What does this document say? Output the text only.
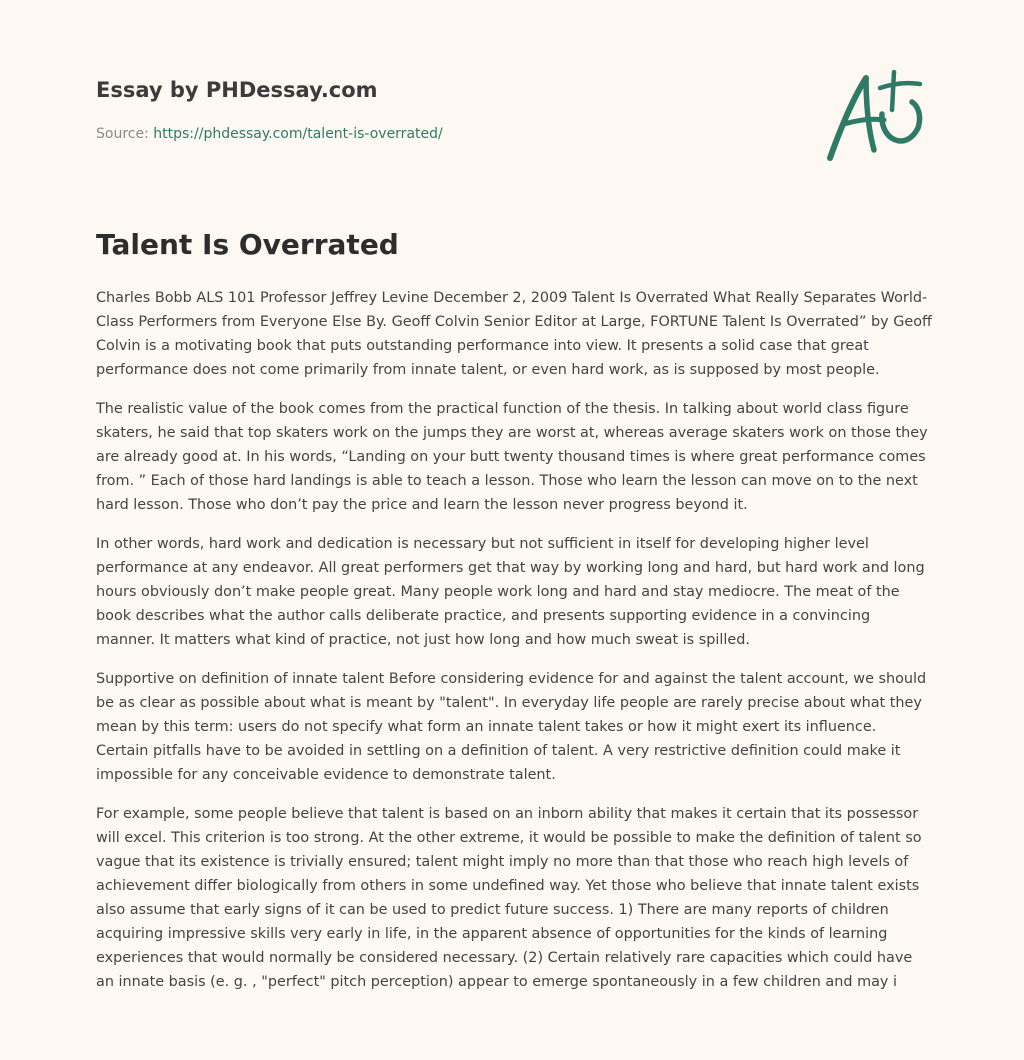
Essay by PHDessay.com
Source: https://phdessay.com/talent-is-overrated/
Talent Is Overrated

Charles Bobb ALS 101 Professor Jeffrey Levine December 2, 2009 Talent Is Overrated What Really Separates World- Class Performers from Everyone Else By. Geoff Colvin Senior Editor at Large, FORTUNE Talent Is Overrated” by Geoff Colvin is a motivating book that puts outstanding performance into view. It presents a solid case that great performance does not come primarily from innate talent, or even hard work, as is supposed by most people.

The realistic value of the book comes from the practical function of the thesis. In talking about world class figure skaters, he said that top skaters work on the jumps they are worst at, whereas average skaters work on those they are already good at. In his words, “Landing on your butt twenty thousand times is where great performance comes from. ” Each of those hard landings is able to teach a lesson. Those who learn the lesson can move on to the next hard lesson. Those who don’t pay the price and learn the lesson never progress beyond it.

In other words, hard work and dedication is necessary but not sufficient in itself for developing higher level performance at any endeavor. All great performers get that way by working long and hard, but hard work and long hours obviously don’t make people great. Many people work long and hard and stay mediocre. The meat of the book describes what the author calls deliberate practice, and presents supporting evidence in a convincing manner. It matters what kind of practice, not just how long and how much sweat is spilled.

Supportive on definition of innate talent Before considering evidence for and against the talent account, we should be as clear as possible about what is meant by "talent". In everyday life people are rarely precise about what they mean by this term: users do not specify what form an innate talent takes or how it might exert its influence. Certain pitfalls have to be avoided in settling on a definition of talent. A very restrictive definition could make it impossible for any conceivable evidence to demonstrate talent.

For example, some people believe that talent is based on an inborn ability that makes it certain that its possessor will excel. This criterion is too strong. At the other extreme, it would be possible to make the definition of talent so vague that its existence is trivially ensured; talent might imply no more than that those who reach high levels of achievement differ biologically from others in some undefined way. Yet those who believe that innate talent exists also assume that early signs of it can be used to predict future success. 1) There are many reports of children acquiring impressive skills very early in life, in the apparent absence of opportunities for the kinds of learning experiences that would normally be considered necessary. (2) Certain relatively rare capacities which could have an innate basis (e. g. , "perfect" pitch perception) appear to emerge spontaneously in a few children and may i
